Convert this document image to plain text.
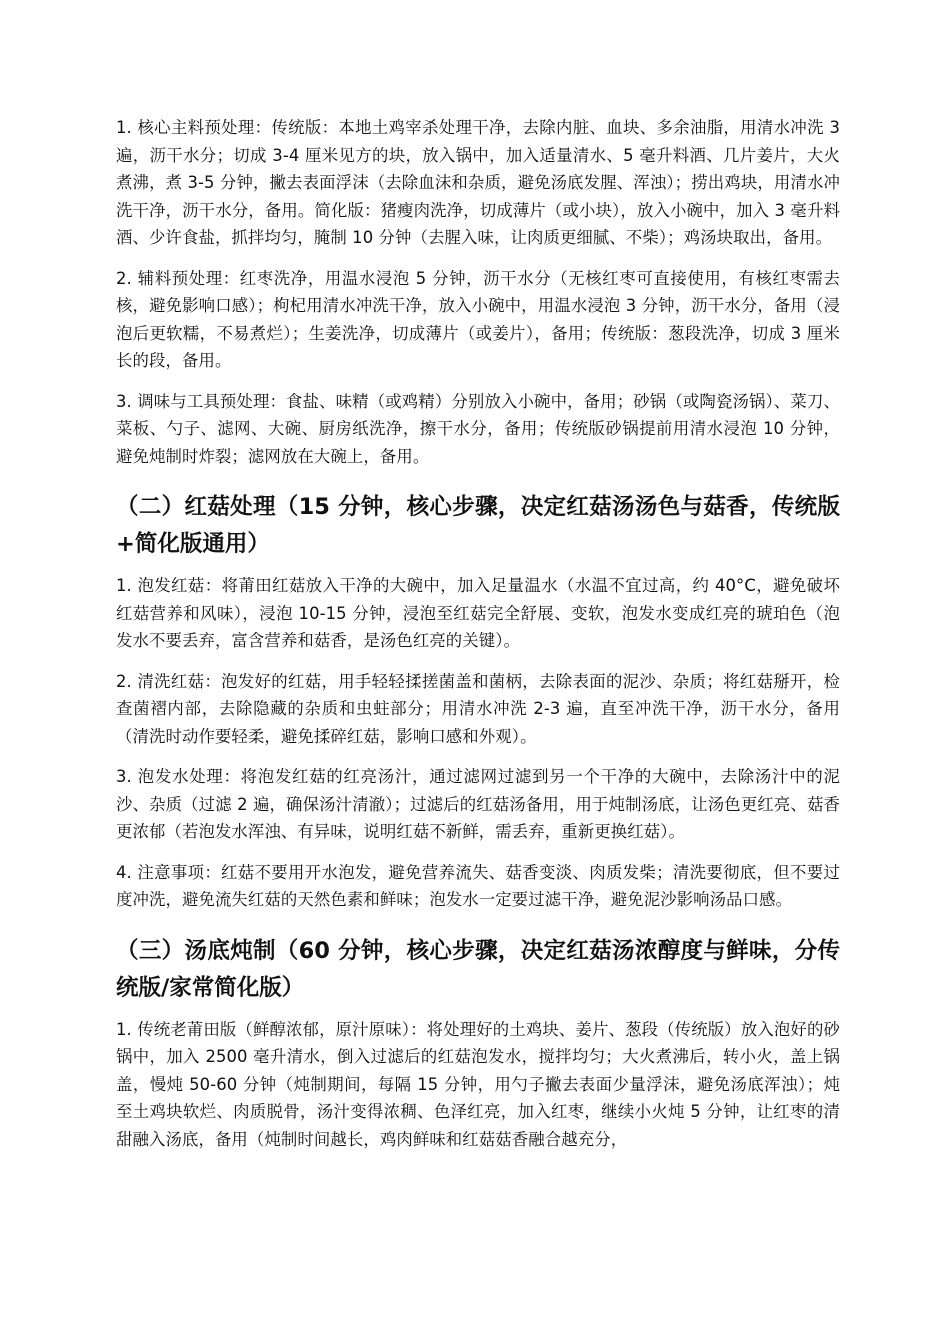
1. 核心主料预处理：传统版：本地土鸡宰杀处理干净，去除内脏、血块、多余油脂，用清水冲洗 3 遍，沥干水分；切成 3-4 厘米见方的块，放入锅中，加入适量清水、5 毫升料酒、几片姜片，大火煮沸，煮 3-5 分钟，撇去表面浮沫（去除血沫和杂质，避免汤底发腥、浑浊）；捞出鸡块，用清水冲洗干净，沥干水分，备用。简化版：猪瘦肉洗净，切成薄片（或小块），放入小碗中，加入 3 毫升料酒、少许食盐，抓拌均匀，腌制 10 分钟（去腥入味，让肉质更细腻、不柴）；鸡汤块取出，备用。

2. 辅料预处理：红枣洗净，用温水浸泡 5 分钟，沥干水分（无核红枣可直接使用，有核红枣需去核，避免影响口感）；枸杞用清水冲洗干净，放入小碗中，用温水浸泡 3 分钟，沥干水分，备用（浸泡后更软糯，不易煮烂）；生姜洗净，切成薄片（或姜片），备用；传统版：葱段洗净，切成 3 厘米长的段，备用。

3. 调味与工具预处理：食盐、味精（或鸡精）分别放入小碗中，备用；砂锅（或陶瓷汤锅）、菜刀、菜板、勺子、滤网、大碗、厨房纸洗净，擦干水分，备用；传统版砂锅提前用清水浸泡 10 分钟，避免炖制时炸裂；滤网放在大碗上，备用。

（二）红菇处理（15 分钟，核心步骤，决定红菇汤汤色与菇香，传统版+简化版通用）

1. 泡发红菇：将莆田红菇放入干净的大碗中，加入足量温水（水温不宜过高，约 40°C，避免破坏红菇营养和风味），浸泡 10-15 分钟，浸泡至红菇完全舒展、变软，泡发水变成红亮的琥珀色（泡发水不要丢弃，富含营养和菇香，是汤色红亮的关键）。

2. 清洗红菇：泡发好的红菇，用手轻轻揉搓菌盖和菌柄，去除表面的泥沙、杂质；将红菇掰开，检查菌褶内部，去除隐藏的杂质和虫蛀部分；用清水冲洗 2-3 遍，直至冲洗干净，沥干水分，备用（清洗时动作要轻柔，避免揉碎红菇，影响口感和外观）。

3. 泡发水处理：将泡发红菇的红亮汤汁，通过滤网过滤到另一个干净的大碗中，去除汤汁中的泥沙、杂质（过滤 2 遍，确保汤汁清澈）；过滤后的红菇汤备用，用于炖制汤底，让汤色更红亮、菇香更浓郁（若泡发水浑浊、有异味，说明红菇不新鲜，需丢弃，重新更换红菇）。

4. 注意事项：红菇不要用开水泡发，避免营养流失、菇香变淡、肉质发柴；清洗要彻底，但不要过度冲洗，避免流失红菇的天然色素和鲜味；泡发水一定要过滤干净，避免泥沙影响汤品口感。

（三）汤底炖制（60 分钟，核心步骤，决定红菇汤浓醇度与鲜味，分传统版/家常简化版）

1. 传统老莆田版（鲜醇浓郁，原汁原味）：将处理好的土鸡块、姜片、葱段（传统版）放入泡好的砂锅中，加入 2500 毫升清水，倒入过滤后的红菇泡发水，搅拌均匀；大火煮沸后，转小火，盖上锅盖，慢炖 50-60 分钟（炖制期间，每隔 15 分钟，用勺子撇去表面少量浮沫，避免汤底浑浊）；炖至土鸡块软烂、肉质脱骨，汤汁变得浓稠、色泽红亮，加入红枣，继续小火炖 5 分钟，让红枣的清甜融入汤底，备用（炖制时间越长，鸡肉鲜味和红菇菇香融合越充分，
